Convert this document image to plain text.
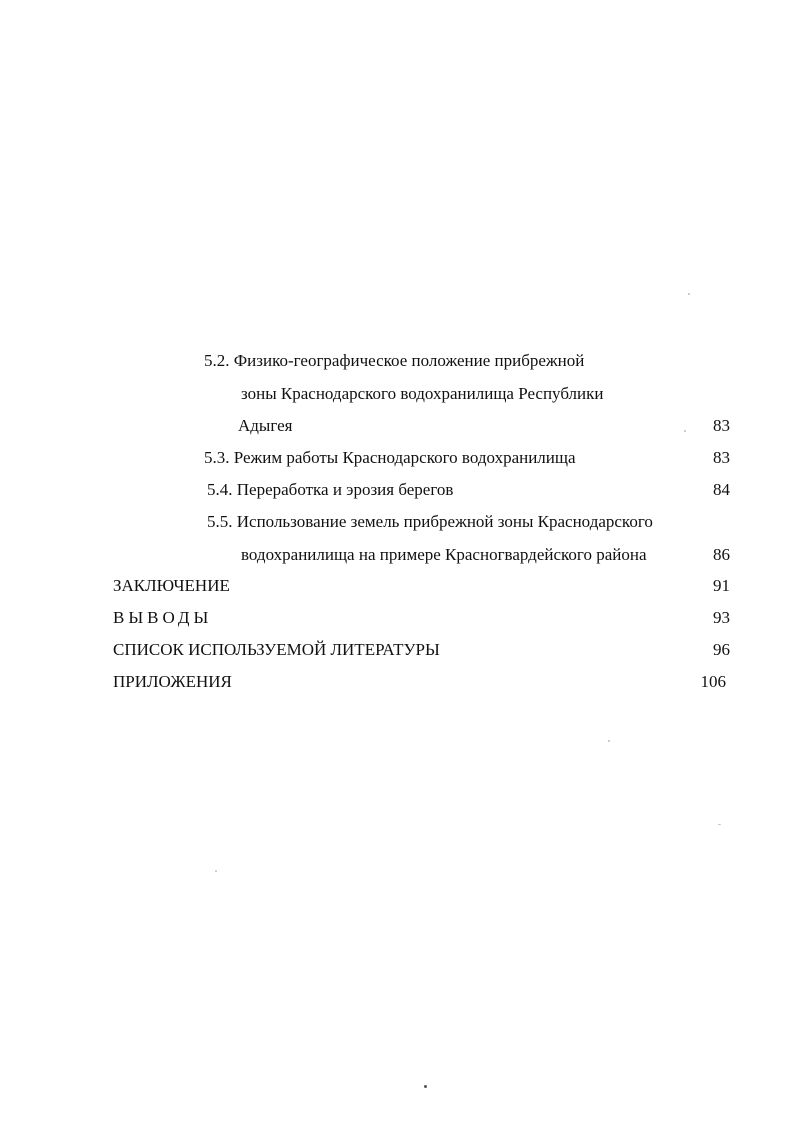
5.2. Физико-географическое положение прибрежной
зоны Краснодарского водохранилища Республики
Адыгея	83
5.3. Режим работы Краснодарского водохранилища	83
5.4. Переработка и эрозия берегов	84
5.5. Использование земель прибрежной зоны Краснодарского
водохранилища на примере Красногвардейского района	86
ЗАКЛЮЧЕНИЕ	91
ВЫВОДЫ	93
СПИСОК ИСПОЛЬЗУЕМОЙ ЛИТЕРАТУРЫ	96
ПРИЛОЖЕНИЯ	106
